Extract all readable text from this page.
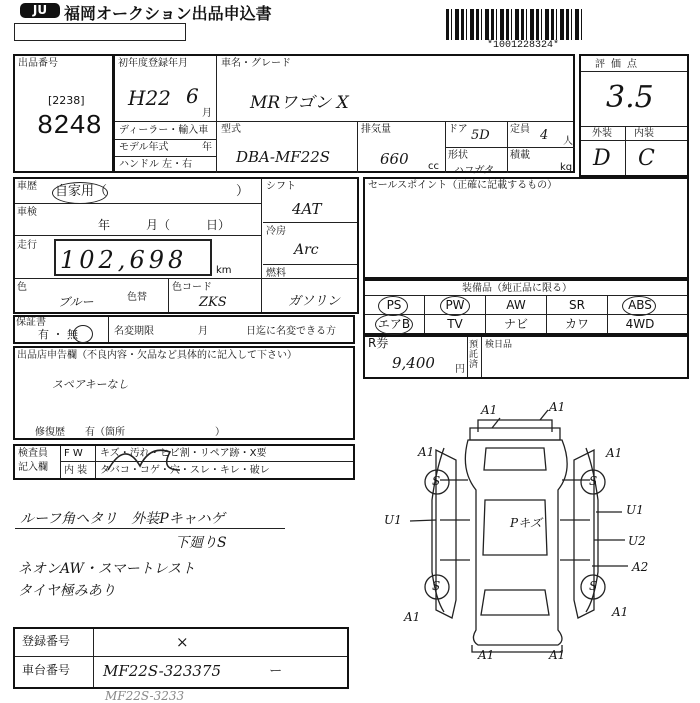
JU	福岡オークション出品申込書
*1001228324*
出品番号
[2238]
8248
初年度登録年月
H22 6
月
ディーラー・輸入車
モデル年式	年
ハンドル 左・右
車名・グレード
MRワゴン X
型式
DBA-MF22S
排気量
660 cc
ドア 5D 定員 4 人
形状
ハコガタ
積載
kg
評価点
3.5
外装 内装
D C
車歴 自家用（	）
車検
年　　　月（　　　日）
走行
102,698	km
色
ブルー	色替
色コード
ZKS
シフト
4AT
冷房
Arc
燃料
ガソリン
セールスポイント（正確に記載するもの）
装備品（純正品に限る）
PS	PW	AW	SR	ABS
エアB	TV	ナビ	カワ	4WD
保証書
有 ・ 無	名変期限	月	日迄に名変できる方
R券
9,400 円
預託済
検日品
出品店申告欄（不良内容・欠品など具体的に記入して下さい）
スペアキーなし
修復歴　　有（箇所　　　　　　　　　）
検査員
記入欄
F W キズ・汚れ・ヒビ割・リペア跡・X要
内 装 タバコ・コゲ・穴・スレ・キレ・破レ
ルーフ角ヘタリ　外装Pキャハゲ
下廻りS
ネオンAW・スマートレスト
タイヤ極みあり
A1	A1
A1
A1
U1
U1
U2
A2
A1	A1
A1	A1
Pキズ
S	S
S	S
登録番号	×
車台番号 MF22S-323375	ー
MF22S-3233
